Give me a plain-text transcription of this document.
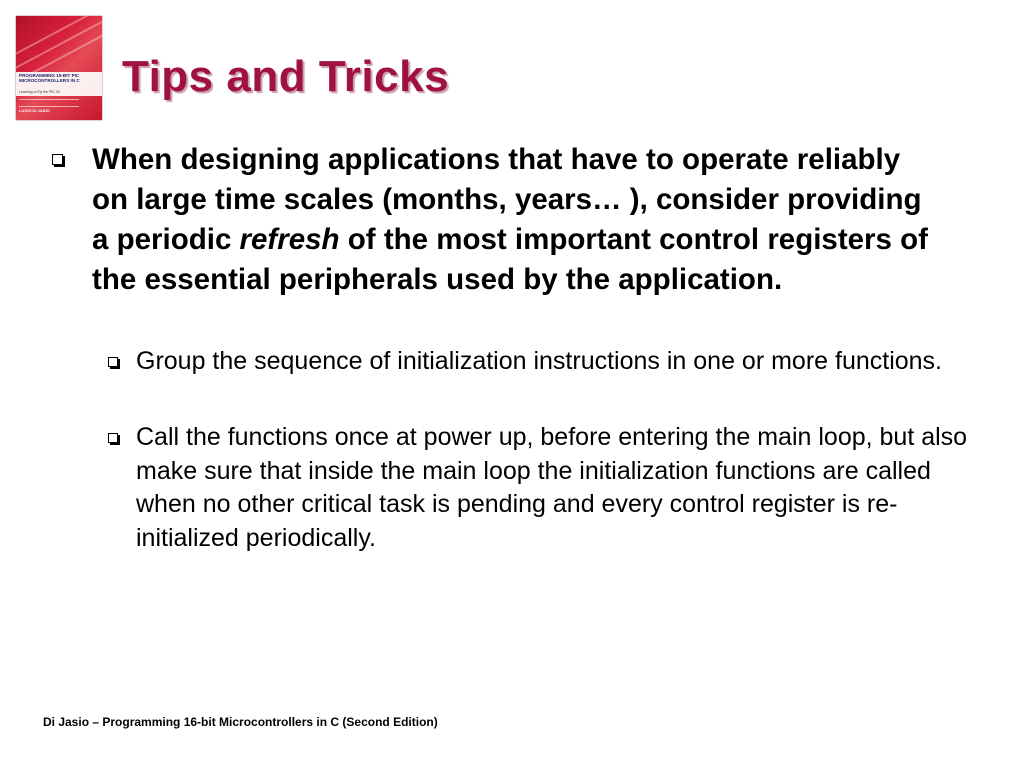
PROGRAMMING 16-BIT PIC MICROCONTROLLERS IN C
Learning to Fly the PIC 24
LUCIO Di JASIO
Tips and Tricks
When designing applications that have to operate reliably on large time scales (months, years… ), consider providing a periodic refresh of the most important control registers of the essential peripherals used by the application.
Group the sequence of initialization instructions in one or more functions.
Call the functions once at power up, before entering the main loop, but also make sure that inside the main loop the initialization functions are called when no other critical task is pending and every control register is re-initialized periodically.
Di Jasio – Programming 16-bit Microcontrollers in C (Second Edition)
